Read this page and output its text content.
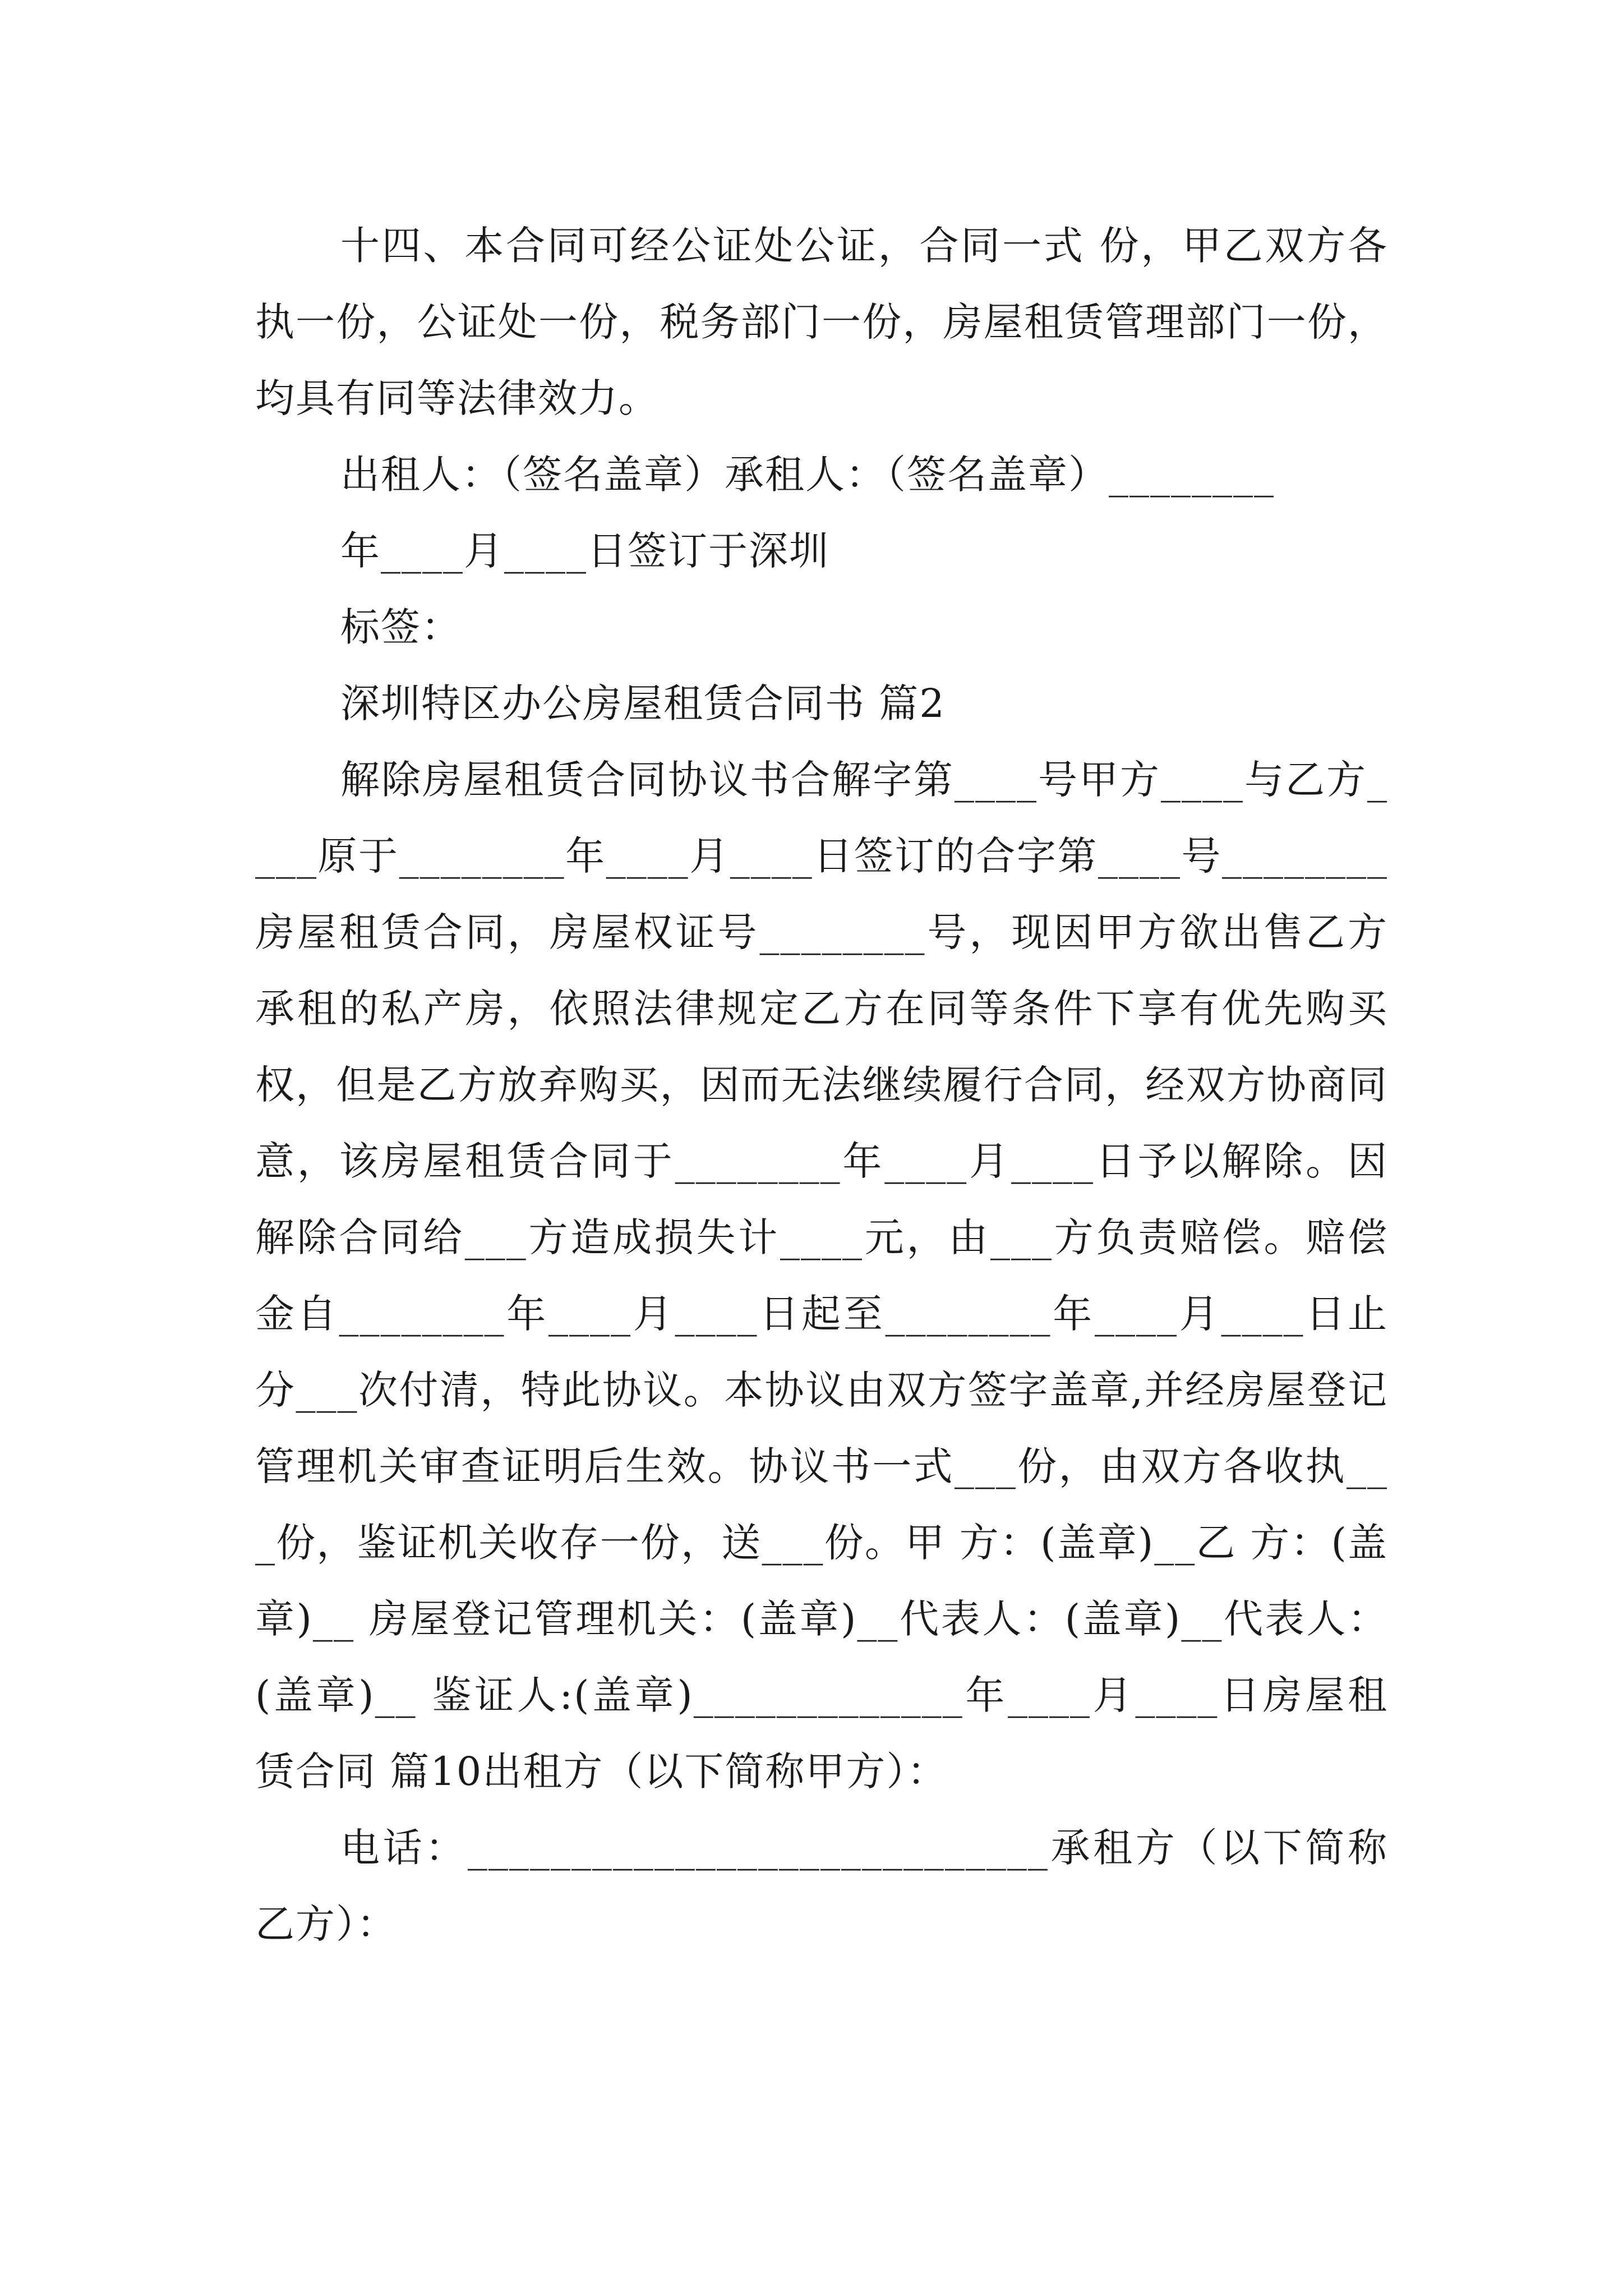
十四、本合同可经公证处公证，合同一式 份，甲乙双方各执一份，公证处一份，税务部门一份，房屋租赁管理部门一份，均具有同等法律效力。

出租人：（签名盖章）承租人：（签名盖章）________

年____月____日签订于深圳

标签：

深圳特区办公房屋租赁合同书 篇2

解除房屋租赁合同协议书合解字第____号甲方____与乙方____原于________年____月____日签订的合字第____号________房屋租赁合同，房屋权证号________号，现因甲方欲出售乙方承租的私产房，依照法律规定乙方在同等条件下享有优先购买权，但是乙方放弃购买，因而无法继续履行合同，经双方协商同意，该房屋租赁合同于________年____月____日予以解除。因解除合同给___方造成损失计____元，由___方负责赔偿。赔偿金自________年____月____日起至________年____月____日止分___次付清，特此协议。本协议由双方签字盖章,并经房屋登记管理机关审查证明后生效。协议书一式___份，由双方各收执___份，鉴证机关收存一份，送___份。甲 方：(盖章)__乙 方：(盖章)__ 房屋登记管理机关：(盖章)__代表人：(盖章)__代表人：(盖章)__ 鉴证人:(盖章)_____________年____月____日房屋租赁合同 篇10出租方（以下简称甲方）：

电话：____________________________承租方（以下简称乙方）：
